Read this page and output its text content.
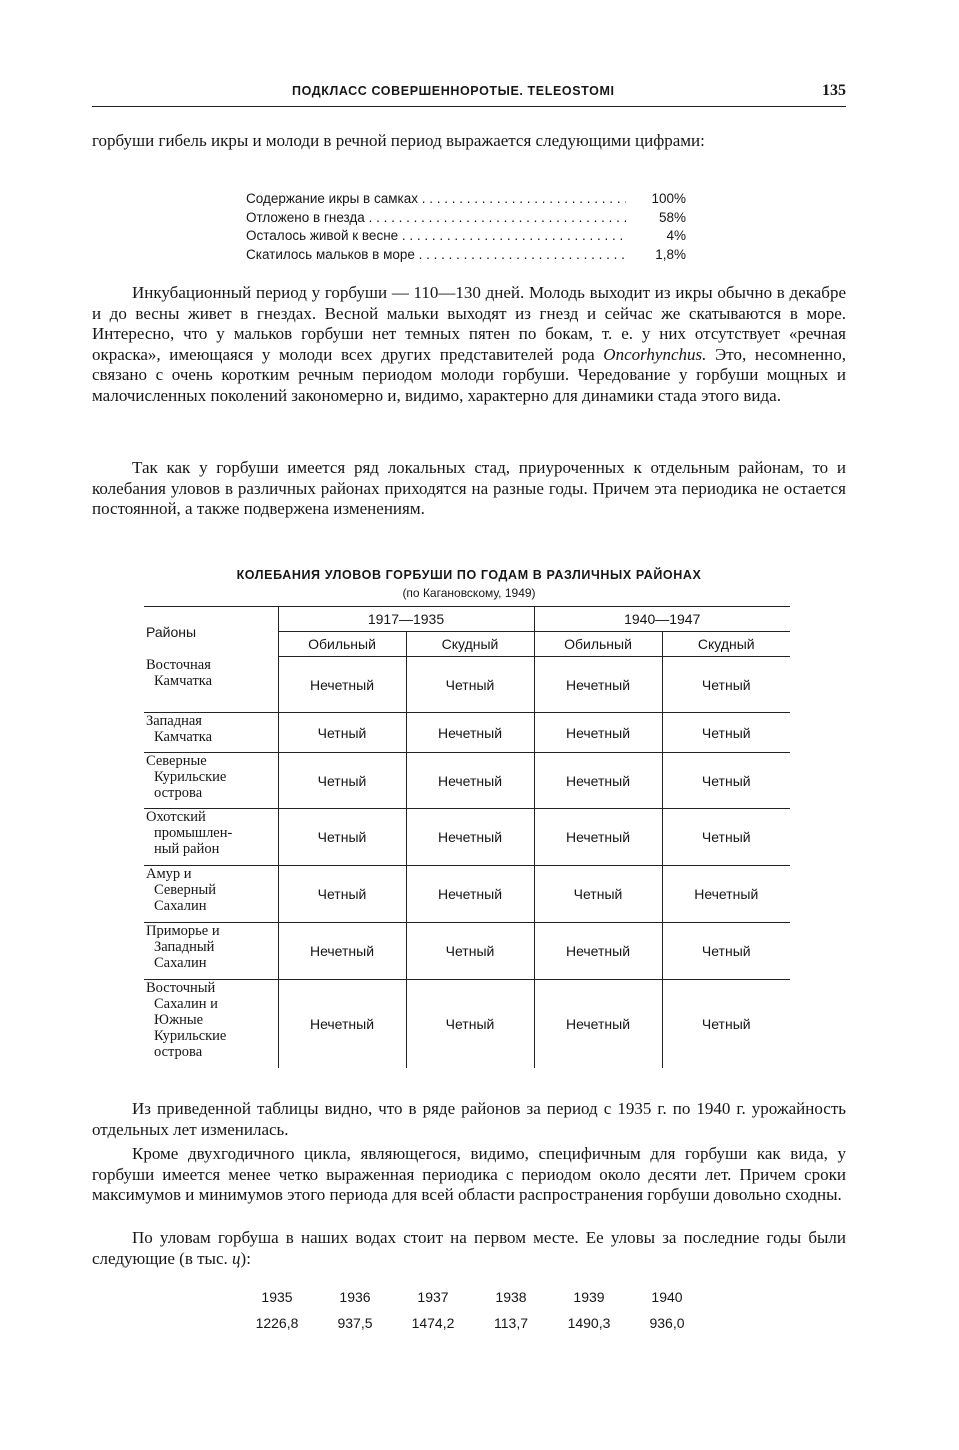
ПОДКЛАСС СОВЕРШЕННОРОТЫЕ. TELEOSTOMI	135

горбуши гибель икры и молоди в речной период выражается следующими цифрами:

Содержание икры в самках . . .	100%
Отложено в гнезда . . .	58%
Осталось живой к весне . . .	4%
Скатилось мальков в море . . .	1,8%

Инкубационный период у горбуши — 110—130 дней. Молодь выходит из икры обычно в декабре и до весны живет в гнездах. Весной мальки выходят из гнезд и сейчас же скатываются в море. Интересно, что у мальков горбуши нет темных пятен по бокам, т. е. у них отсутствует «речная окраска», имеющаяся у молоди всех других представителей рода Oncorhynchus. Это, несомненно, связано с очень коротким речным периодом молоди горбуши. Чередование у горбуши мощных и малочисленных поколений закономерно и, видимо, характерно для динамики стада этого вида.

Так как у горбуши имеется ряд локальных стад, приуроченных к отдельным районам, то и колебания уловов в различных районах приходятся на разные годы. Причем эта периодика не остается постоянной, а также подвержена изменениям.

КОЛЕБАНИЯ УЛОВОВ ГОРБУШИ ПО ГОДАМ В РАЗЛИЧНЫХ РАЙОНАХ
(по Кагановскому, 1949)
Районы	1917—1935		1940—1947	
	Обильный	Скудный	Обильный	Скудный

Восточная
Камчатка	Нечетный	Четный	Нечетный	Четный

Западная
Камчатка	Четный	Нечетный	Нечетный	Четный

Северные
Курильские
острова	Четный	Нечетный	Нечетный	Четный

Охотский
промышлен-
ный район	Четный	Нечетный	Нечетный	Четный

Амур и
Северный
Сахалин	Четный	Нечетный	Четный	Нечетный

Приморье и
Западный
Сахалин	Нечетный	Четный	Нечетный	Четный

Восточный
Сахалин и
Южные
Курильские
острова	Нечетный	Четный	Нечетный	Четный

Из приведенной таблицы видно, что в ряде районов за период с 1935 г. по 1940 г. урожайность отдельных лет изменилась.

Кроме двухгодичного цикла, являющегося, видимо, специфичным для горбуши как вида, у горбуши имеется менее четко выраженная периодика с периодом около десяти лет. Причем сроки максимумов и минимумов этого периода для всей области распространения горбуши довольно сходны.

По уловам горбуша в наших водах стоит на первом месте. Ее уловы за последние годы были следующие (в тыс. ц):

1935	1936	1937	1938	1939	1940
1226,8	937,5	1474,2	113,7	1490,3	936,0
